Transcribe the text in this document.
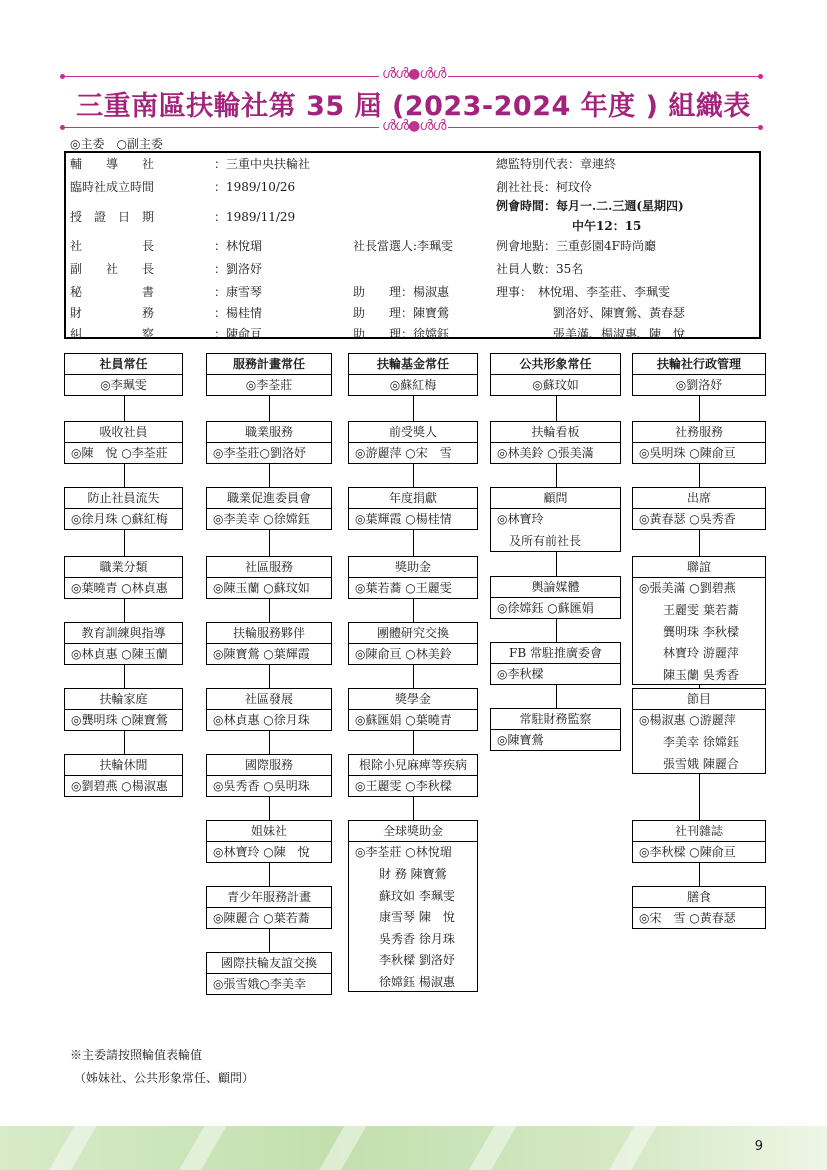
ൾൾ●ൾൾ
三重南區扶輪社第 35 屆 (2023-2024 年度 ) 組織表
ൾൾ●ൾൾ
◎主委　○副主委
輔　　導　　社	：三重中央扶輪社
臨時社成立時間	：1989/10/26
授　證　日　期	：1989/11/29
社　　　　　長	：林悅瑂
副　　社　　長	：劉洛妤
秘　　　　　書	：康雪琴
財　　　　　務	：楊桂情
糾　　　　　察	：陳俞亘
社長當選人:李珮雯
助　　理：楊淑惠
助　　理：陳寶鶯
助　　理：徐嫦鈺
總監特別代表：章連終
創社社長：柯玟伶
例會時間：每月一.二.三週(星期四)
中午12：15
例會地點：三重彭園4F時尚廳
社員人數：35名
理事：　林悅瑂、李荃莊、李珮雯
劉洛妤、陳寶鶯、黃春瑟
張美滿、楊淑惠、陳　悅
社員常任
◎李珮雯
吸收社員
◎陳　悅 ○李荃莊
防止社員流失
◎徐月珠 ○蘇紅梅
職業分類
◎葉曉青 ○林貞惠
教育訓練與指導
◎林貞惠 ○陳玉蘭
扶輪家庭
◎龔明珠 ○陳寶鶯
扶輪休閒
◎劉碧燕 ○楊淑惠
服務計畫常任
◎李荃莊
職業服務
◎李荃莊○劉洛妤
職業促進委員會
◎李美幸 ○徐嫦鈺
社區服務
◎陳玉蘭 ○蘇玟如
扶輪服務夥伴
◎陳寶鶯 ○葉輝霞
社區發展
◎林貞惠 ○徐月珠
國際服務
◎吳秀香 ○吳明珠
姐妹社
◎林寶玲 ○陳　悅
青少年服務計畫
◎陳麗合 ○葉若蕎
國際扶輪友誼交換
◎張雪娥○李美幸
扶輪基金常任
◎蘇紅梅
前受獎人
◎游麗萍 ○宋　雪
年度捐獻
◎葉輝霞 ○楊桂情
獎助金
◎葉若蕎 ○王麗雯
團體研究交換
◎陳俞亘 ○林美鈴
獎學金
◎蘇匯娟 ○葉曉青
根除小兒麻痺等疾病
◎王麗雯 ○李秋樑
全球獎助金
◎李荃莊 ○林悅瑂
財 務 陳寶鶯
蘇玟如 李珮雯
康雪琴 陳　悅
吳秀香 徐月珠
李秋樑 劉洛妤
徐嫦鈺 楊淑惠
公共形象常任
◎蘇玟如
扶輪看板
◎林美鈴 ○張美滿
顧問
◎林寶玲
及所有前社長
輿論媒體
◎徐嫦鈺 ○蘇匯娟
FB 常駐推廣委會
◎李秋樑
常駐財務監察
◎陳寶鶯
扶輪社行政管理
◎劉洛妤
社務服務
◎吳明珠 ○陳俞亘
出席
◎黃春瑟 ○吳秀香
聯誼
◎張美滿 ○劉碧燕
王麗雯 葉若蕎
龔明珠 李秋樑
林寶玲 游麗萍
陳玉蘭 吳秀香
節目
◎楊淑惠 ○游麗萍
李美幸 徐嫦鈺
張雪娥 陳麗合
社刊雜誌
◎李秋樑 ○陳俞亘
膳食
◎宋　雪 ○黃春瑟
※主委請按照輪值表輪值
（姊妹社、公共形象常任、顧問）
9
